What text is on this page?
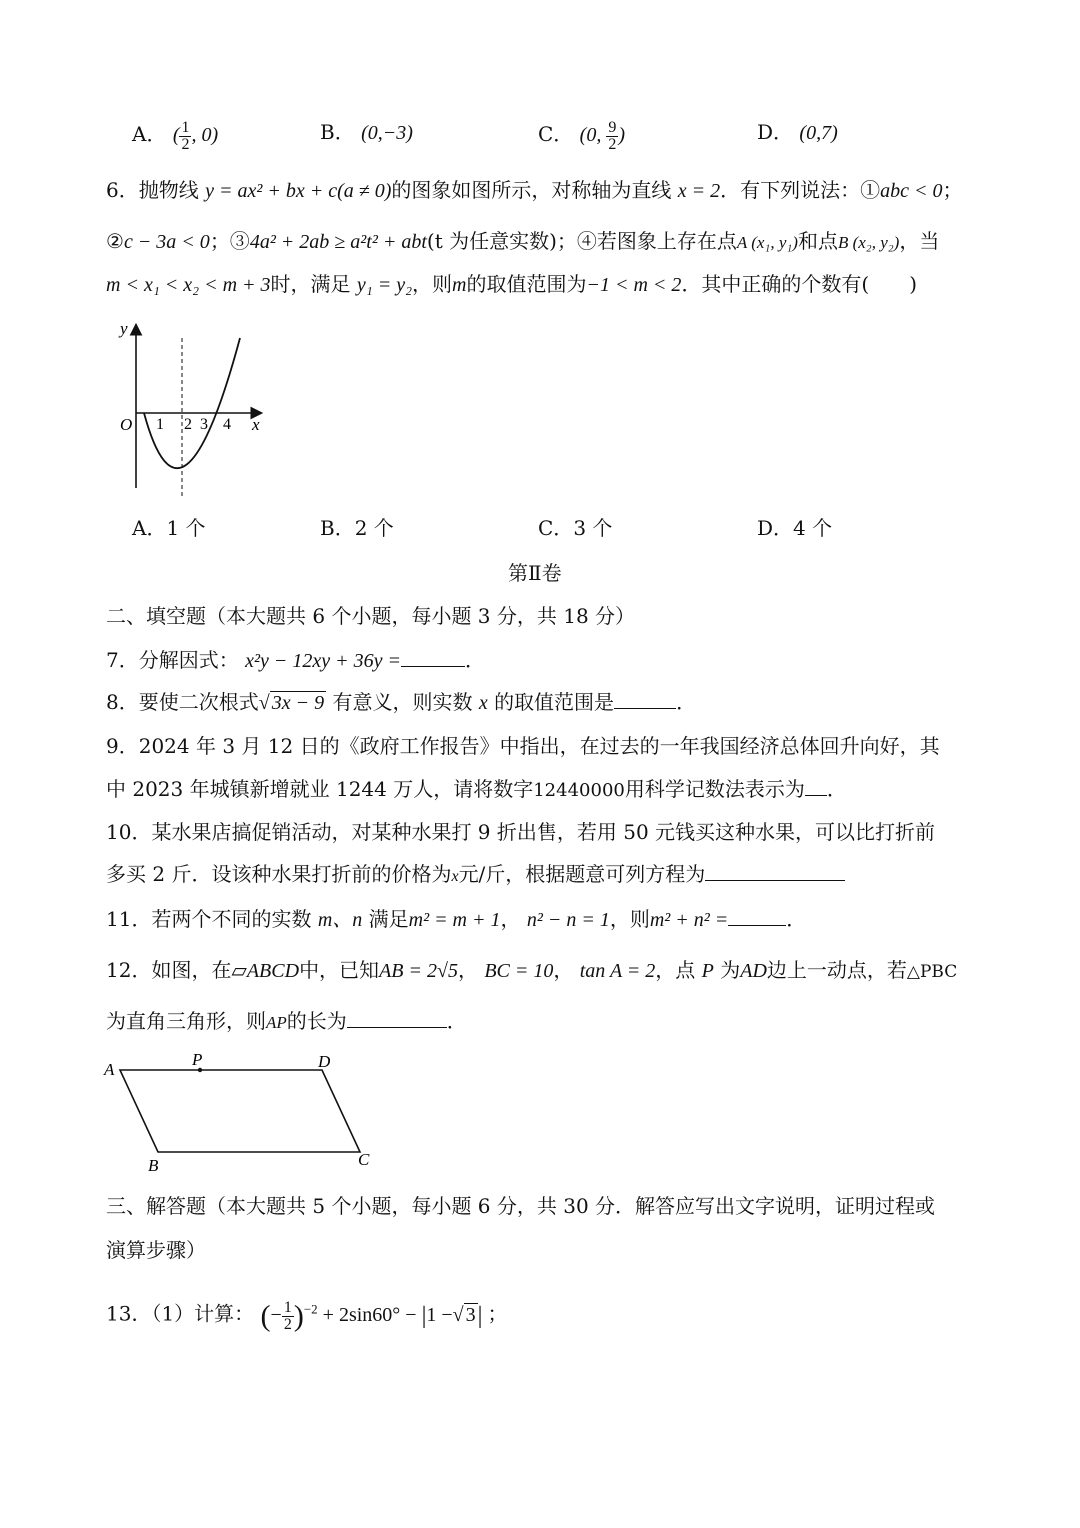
A． ( $\frac{1}{2}$ , 0)	B． (0,−3)	C． (0, $\frac{9}{2}$ )	D． (0,7)
6．抛物线 y = ax² + bx + c(a ≠ 0)的图象如图所示，对称轴为直线 x = 2．有下列说法：①abc < 0；
②c − 3a < 0；③4a² + 2ab ≥ a²t² + abt(t 为任意实数)；④若图象上存在点A (x₁, y₁)和点B (x₂, y₂)，当
m < x₁ < x₂ < m + 3时，满足 y₁ = y₂，则m的取值范围为−1 < m < 2．其中正确的个数有(　　)
y
O 1 2 3 4 x
A．1 个	B．2 个	C．3 个	D．4 个
第Ⅱ卷
二、填空题（本大题共 6 个小题，每小题 3 分，共 18 分）
7．分解因式： x²y − 12xy + 36y =	．
8．要使二次根式√ 3x − 9 有意义，则实数 x 的取值范围是	．
9．2024 年 3 月 12 日的《政府工作报告》中指出，在过去的一年我国经济总体回升向好，其
中 2023 年城镇新增就业 1244 万人，请将数字12440000用科学记数法表示为 ．
10．某水果店搞促销活动，对某种水果打 9 折出售，若用 50 元钱买这种水果，可以比打折前
多买 2 斤．设该种水果打折前的价格为x元/斤，根据题意可列方程为
11．若两个不同的实数 m、n 满足m² = m + 1， n² − n = 1，则m² + n² =	．
12．如图，在▱ABCD中，已知AB = 2√5， BC = 10， tan A = 2，点 P 为AD边上一动点，若△PBC
为直角三角形，则AP的长为	．
A
P	D
B	C
三、解答题（本大题共 5 个小题，每小题 6 分，共 30 分．解答应写出文字说明，证明过程或
演算步骤）
13．（1）计算： (− $\frac{1}{2} )^{-2} + 2\sin 60^\circ - |1$ −√ 3| ；
